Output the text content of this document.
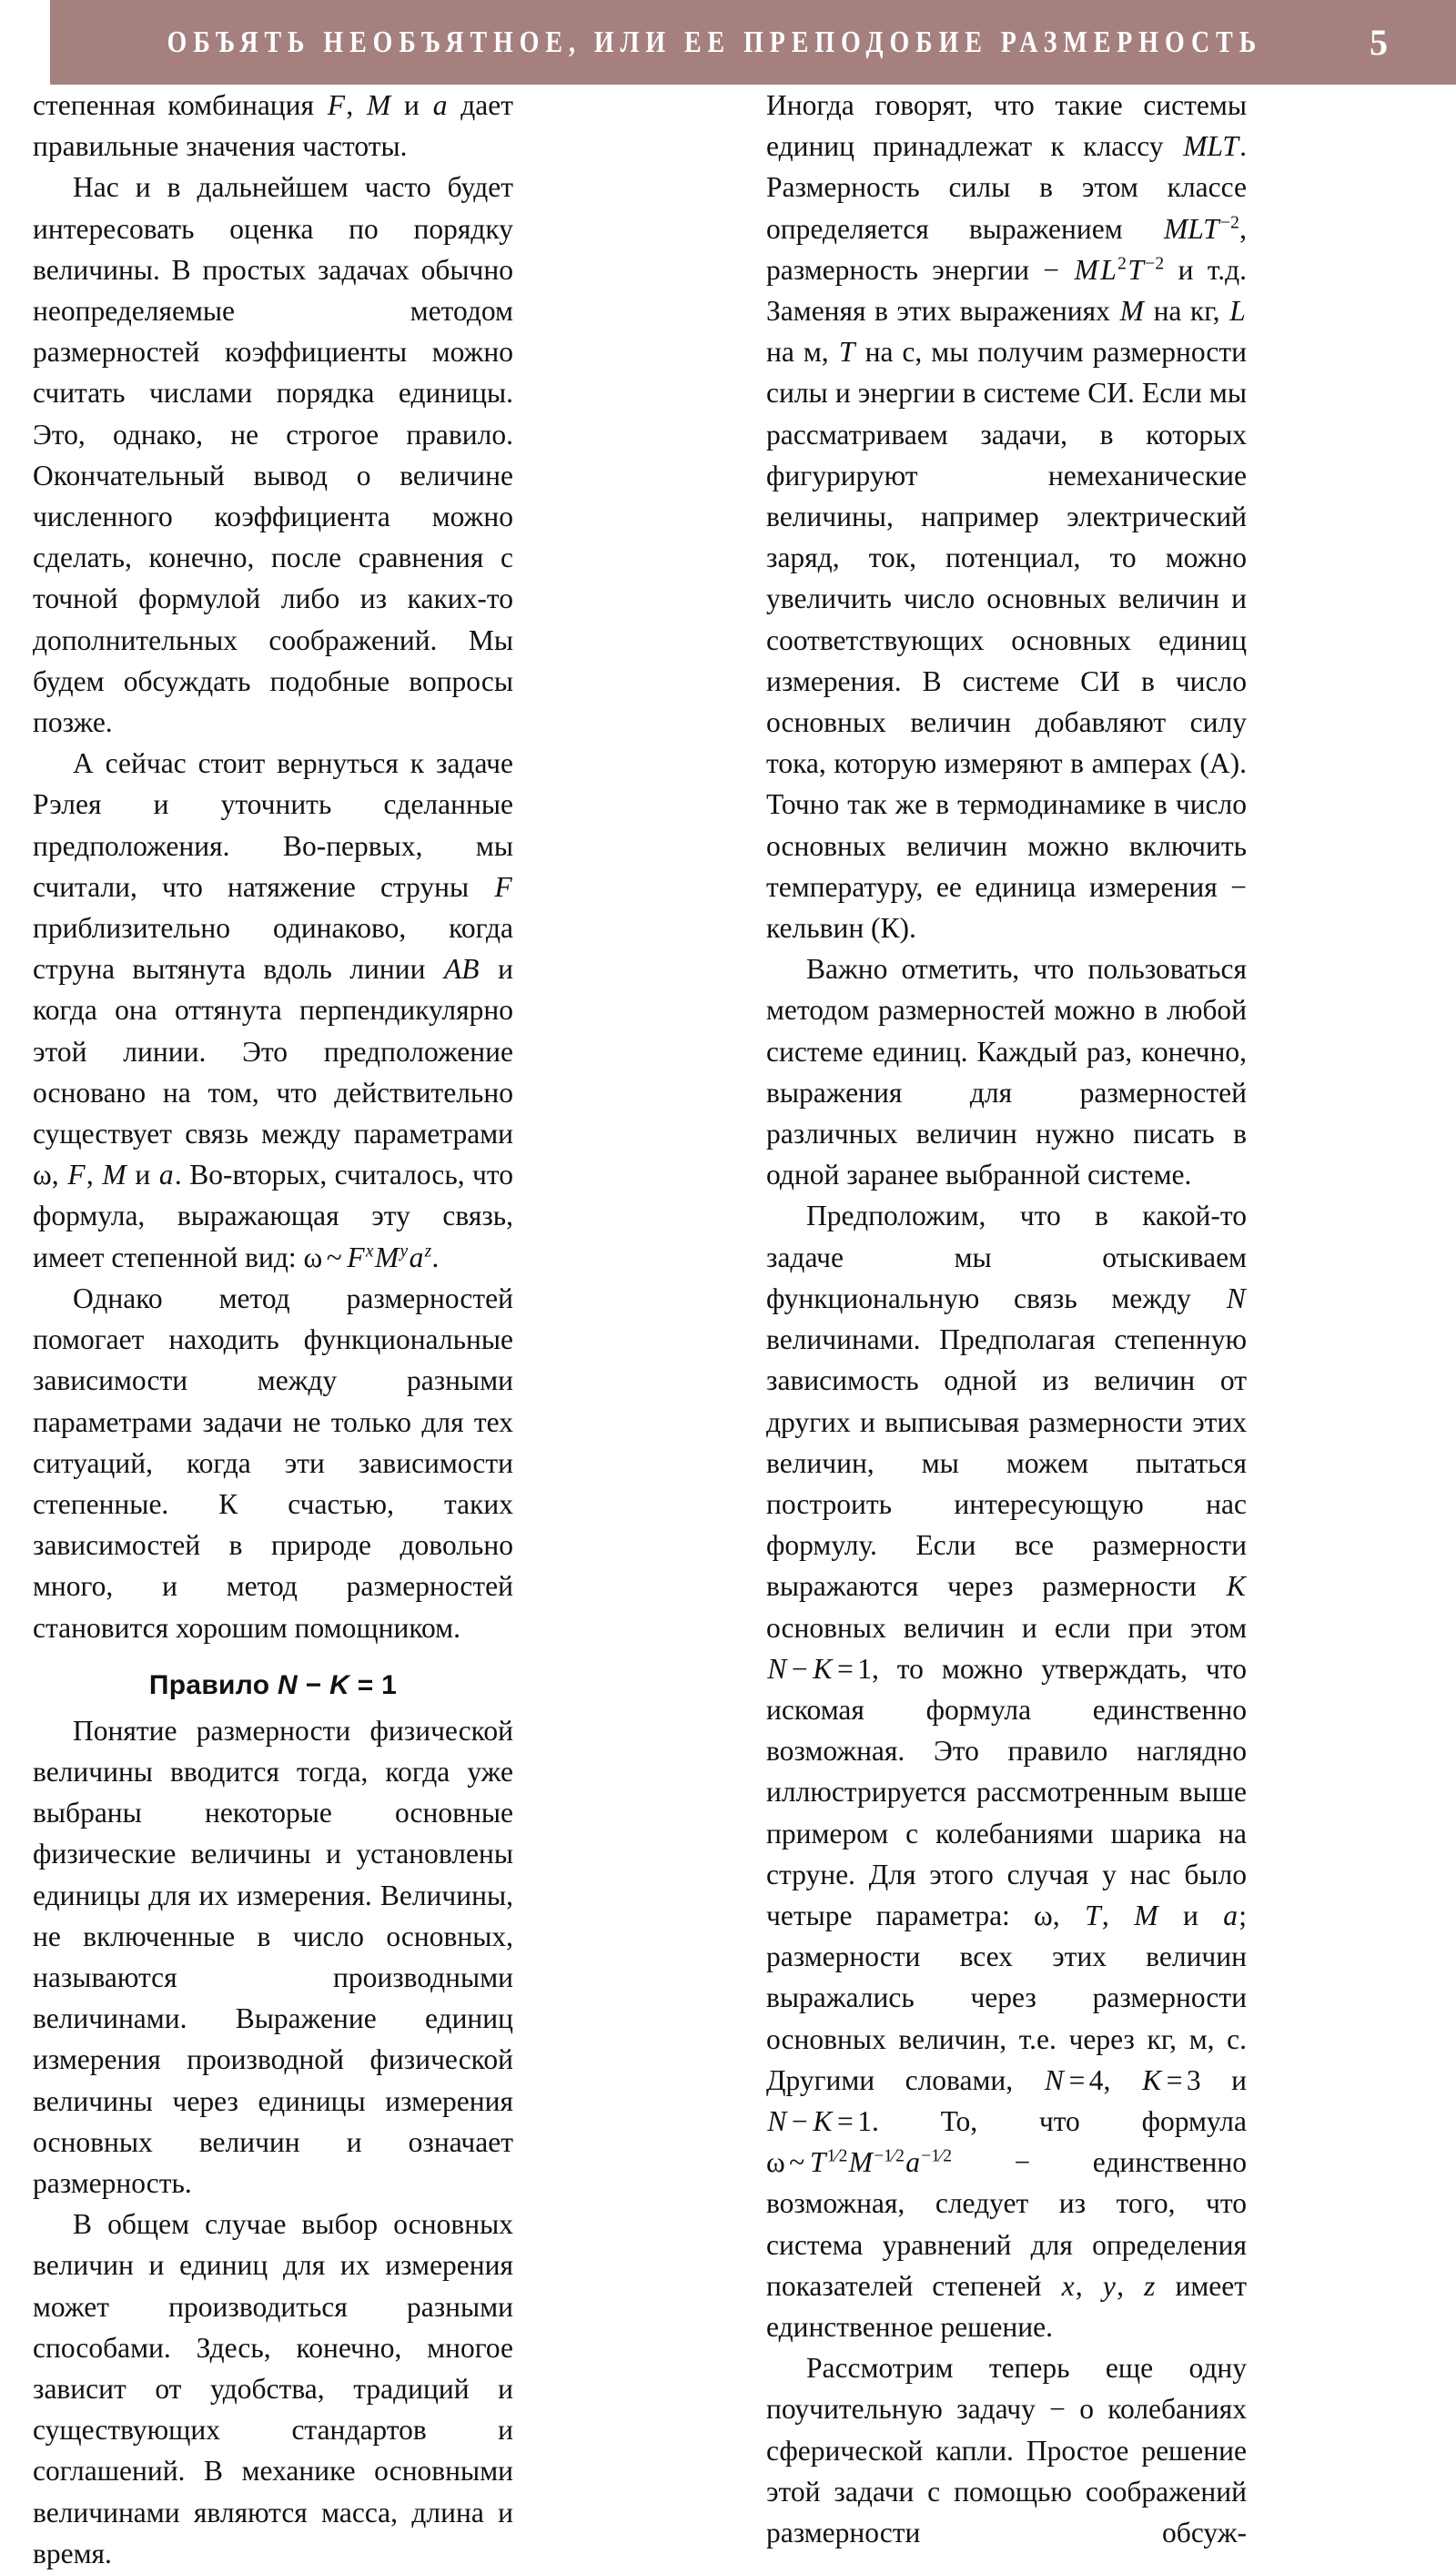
ОБЪЯТЬ НЕОБЪЯТНОЕ, ИЛИ ЕЕ ПРЕПОДОБИЕ РАЗМЕРНОСТЬ	5

степенная комбинация F, M и a дает правильные значения частоты.

Нас и в дальнейшем часто будет интересовать оценка по порядку величины. В простых задачах обычно неопределяемые методом размерностей коэффициенты можно считать числами порядка единицы. Это, однако, не строгое правило. Окончательный вывод о величине численного коэффициента можно сделать, конечно, после сравнения с точной формулой либо из каких-то дополнительных соображений. Мы будем обсуждать подобные вопросы позже.

А сейчас стоит вернуться к задаче Рэлея и уточнить сделанные предположения. Во-первых, мы считали, что натяжение струны F приблизительно одинаково, когда струна вытянута вдоль линии AB и когда она оттянута перпендикулярно этой линии. Это предположение основано на том, что действительно существует связь между параметрами ω, F, M и a. Во-вторых, считалось, что формула, выражающая эту связь, имеет степенной вид: ω ~ $F^xM^ya^z$.

Однако метод размерностей помогает находить функциональные зависимости между разными параметрами задачи не только для тех ситуаций, когда эти зависимости степенные. К счастью, таких зависимостей в природе довольно много, и метод размерностей становится хорошим помощником.

Правило N − K = 1

Понятие размерности физической величины вводится тогда, когда уже выбраны некоторые основные физические величины и установлены единицы для их измерения. Величины, не включенные в число основных, называются производными величинами. Выражение единиц измерения производной физической величины через единицы измерения основных величин и означает размерность.

В общем случае выбор основных величин и единиц для их измерения может производиться разными способами. Здесь, конечно, многое зависит от удобства, традиций и существующих стандартов и соглашений. В механике основными величинами являются масса, длина и время.

Иногда говорят, что такие системы единиц принадлежат к классу MLT. Размерность силы в этом классе определяется выражением $MLT^{-2}$, размерность энергии − $ML^2T^{-2}$ и т.д. Заменяя в этих выражениях M на кг, L на м, T на с, мы получим размерности силы и энергии в системе СИ. Если мы рассматриваем задачи, в которых фигурируют немеханические величины, например электрический заряд, ток, потенциал, то можно увеличить число основных величин и соответствующих основных единиц измерения. В системе СИ в число основных величин добавляют силу тока, которую измеряют в амперах (А). Точно так же в термодинамике в число основных величин можно включить температуру, ее единица измерения − кельвин (К).

Важно отметить, что пользоваться методом размерностей можно в любой системе единиц. Каждый раз, конечно, выражения для размерностей различных величин нужно писать в одной заранее выбранной системе.

Предположим, что в какой-то задаче мы отыскиваем функциональную связь между N величинами. Предполагая степенную зависимость одной из величин от других и выписывая размерности этих величин, мы можем пытаться построить интересующую нас формулу. Если все размерности выражаются через размерности K основных величин и если при этом N − K = 1, то можно утверждать, что искомая формула единственно возможная. Это правило наглядно иллюстрируется рассмотренным выше примером с колебаниями шарика на струне. Для этого случая у нас было четыре параметра: ω, T, M и a; размерности всех этих величин выражались через размерности основных величин, т.е. через кг, м, с. Другими словами, N = 4, K = 3 и N − K = 1. То, что формула ω ~ $T^{1⁄2}M^{-1⁄2}a^{-1⁄2}$ − единственно возможная, следует из того, что система уравнений для определения показателей степеней x, y, z имеет единственное решение.

Рассмотрим теперь еще одну поучительную задачу − о колебаниях сферической капли. Простое решение этой задачи с помощью соображений размерности обсуж-
